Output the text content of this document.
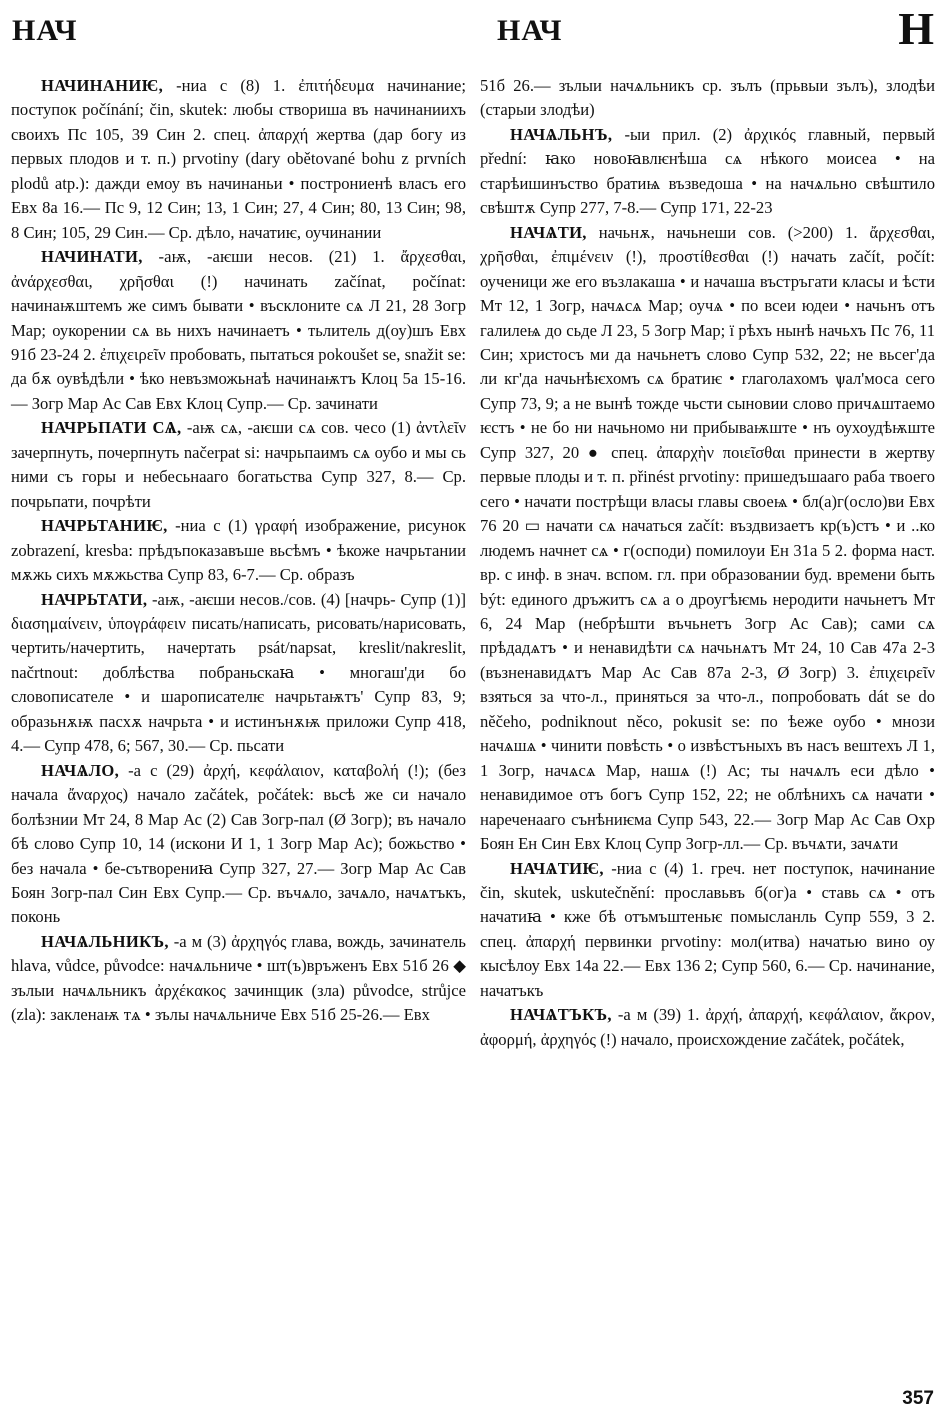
НАЧ	НАЧ	Н

НАЧИНАНИѤ, -ниа с (8) 1. ἐπιτήδευμα начинание; поступок počínání; čin, skutek: любы створиша въ начинаниихъ своихъ Пс 105, 39 Син 2. спец. ἀπαρχή жертва (дар богу из первых плодов и т. п.) prvotiny (dary obětované bohu z prvních plodů atp.): дажди емоу въ начинаньи • построниенѣ власъ его Евх 8а 16.— Пс 9, 12 Син; 13, 1 Син; 27, 4 Син; 80, 13 Син; 98, 8 Син; 105, 29 Син.— Ср. дѣло, начатиѥ, оучинании

НАЧИНАТИ, -аѭ, -аѥши несов. (21) 1. ἄρχεσθαι, ἀνάρχεσθαι, χρῆσθαι (!) начинать začínat, počínat: начинаѭштемъ же симъ бывати • въсклоните сѧ Л 21, 28 Зогр Мар; оукорении сѧ вь нихъ начинаетъ • тьлитель д(оу)шъ Евх 91б 23-24 2. ἐπιχειρεῖν пробовать, пытаться pokoušet se, snažit se: да бѫ оувѣдѣли • ѣко невъзможьнаѣ начинаѭтъ Клоц 5а 15-16.— Зогр Мар Ас Сав Евх Клоц Супр.— Ср. зачинати

НАЧРЬПАТИ СѦ, -аѭ сѧ, -аѥши сѧ сов. чесо (1) ἀντλεῖν зачерпнуть, почерпнуть načerpat si: начрьпаимъ сѧ оубо и мы сь ними съ горы и небесьнааго богатьства Супр 327, 8.— Ср. почрьпати, почрѣти

НАЧРЬТАНИѤ, -ниа с (1) γραφή изображение, рисунок zobrazení, kresba: прѣдъпоказавъше вьсѣмъ • ѣкоже начрьтании мѫжь сихъ мѫжьства Супр 83, 6-7.— Ср. образъ

НАЧРЬТАТИ, -аѭ, -аѥши несов./сов. (4) [начрь- Супр (1)] διασημαίνειν, ὑπογράφειν писать/написать, рисовать/нарисовать, чертить/начертить, начертать psát/napsat, kreslit/nakreslit, načrtnout: доблѣства побраньскаꙗ • многаш'ди бо словописателе • и шарописателѥ начрьтаѭтъ' Супр 83, 9; образьнѫѭ пасхѫ начрьта • и истинънѫѭ приложи Супр 418, 4.— Супр 478, 6; 567, 30.— Ср. пьсати

НАЧѦЛО, -а с (29) ἀρχή, κεφάλαιον, καταβολή (!); (без начала ἄναρχος) начало začátek, počátek: вьсѣ же си начало болѣзнии Мт 24, 8 Мар Ас (2) Сав Зогр-пал (Ø Зогр); въ начало бѣ слово Супр 10, 14 (искони И 1, 1 Зогр Мар Ас); божьство • без начала • бе-сътворениꙗ Супр 327, 27.— Зогр Мар Ас Сав Боян Зогр-пал Син Евх Супр.— Ср. въчѧло, зачѧло, начѧтъкъ, поконь

НАЧѦЛЬНИКЪ, -а м (3) ἀρχηγός глава, вождь, зачинатель hlava, vůdce, původce: начѧльниче • шт(ъ)връженъ Евх 51б 26 ◆ зълыи начѧльникъ ἀρχέκακος зачинщик (зла) původce, strůjce (zla): закленаѭ тѧ • зълы начѧльниче Евх 51б 25-26.— Евх

51б 26.— зълыи начѧльникъ ср. зълъ (прьвыи зълъ), злодѣи (старыи злодѣи)

НАЧѦЛЬНЪ, -ыи прил. (2) ἀρχικός главный, первый přední: ꙗко новоꙗвлѥнѣша сѧ нѣкого моисеа • на старѣишинъство братиѩ възведоша • на начѧльно свѣштило свѣштѫ Супр 277, 7-8.— Супр 171, 22-23

НАЧѦТИ, начьнѫ, начьнеши сов. (>200) 1. ἄρχεσθαι, χρῆσθαι, ἐπιμένειν (!), προστίθεσθαι (!) начать začít, počít: оученици же его възлакаша • и начаша въстръгати класы и ѣсти Мт 12, 1 Зогр, начѧсѧ Мар; оучѧ • по всеи юдеи • начьнъ отъ галилеѩ до сьде Л 23, 5 Зогр Мар; ї рѣхъ нынѣ начьхъ Пс 76, 11 Син; христосъ ми да начьнетъ слово Супр 532, 22; не вьсег'да ли кг'да начьнѣѥхомъ сѧ братиѥ • глаголахомъ ѱал'моса сего Супр 73, 9; а не вынѣ тожде чьсти сыновии слово причѧштаемо ѥстъ • не бо ни начьномо ни прибываѭште • нъ оухоудѣѭште Супр 327, 20 ● спец. ἀπαρχὴν ποιεῖσθαι принести в жертву первые плоды и т. п. přinést prvotiny: пришедъшааго раба твоего сего • начати пострѣщи власы главы своеѩ • бл(а)г(осло)ви Евх 76 20 ▭ начати сѧ начаться začít: въздвизаетъ кр(ъ)стъ • и ..ко людемъ начнет сѧ • г(осподи) помилоуи Ен 31а 5 2. форма наст. вр. с инф. в знач. вспом. гл. при образовании буд. времени быть být: единого дръжитъ сѧ а о дроугѣѥмь нерод​ити начьнетъ Мт 6, 24 Мар (небрѣшти въчьнетъ Зогр Ас Сав); сами сѧ прѣдадѧтъ • и ненавидѣти сѧ начьнѧтъ Мт 24, 10 Сав 47а 2-3 (възненавидѧтъ Мар Ас Сав 87а 2-3, Ø Зогр) 3. ἐπιχειρεῖν взяться за что-л., приняться за что-л., попробовать dát se do něčeho, podniknout něco, pokusit se: по ѣеже оубо • мнози начѧшѧ • чинити повѣсть • о извѣстъныхъ въ насъ вештехъ Л 1, 1 Зогр, начѧсѧ Мар, нашѧ (!) Ас; ты начѧлъ еси дѣло • ненавидимое отъ богъ Супр 152, 22; не облѣнихъ сѧ начати • нареченааго сънѣниѥма Супр 543, 22.— Зогр Мар Ас Сав Охр Боян Ен Син Евх Клоц Супр Зогр-лл.— Ср. въчѧти, зачѧти

НАЧѦТИѤ, -ниа с (4) 1. греч. нет поступок, начинание čin, skutek, uskutečnění: прославьвъ б(ог)а • ставь сѧ • отъ начатиꙗ • кже бѣ отъмъштеньѥ помысланль Супр 559, 3 2. спец. ἀπαρχή первинки prvotiny: мол(итва) начатью вино оу кысѣлоу Евх 14а 22.— Евх 136 2; Супр 560, 6.— Ср. начинание, начатъкъ

НАЧѦТЪКЪ, -а м (39) 1. ἀρχή, ἀπαρχή, κεφάλαιον, ἄκρον, ἀφορμή, ἀρχηγός (!) начало, происхождение začátek, počátek,

357
